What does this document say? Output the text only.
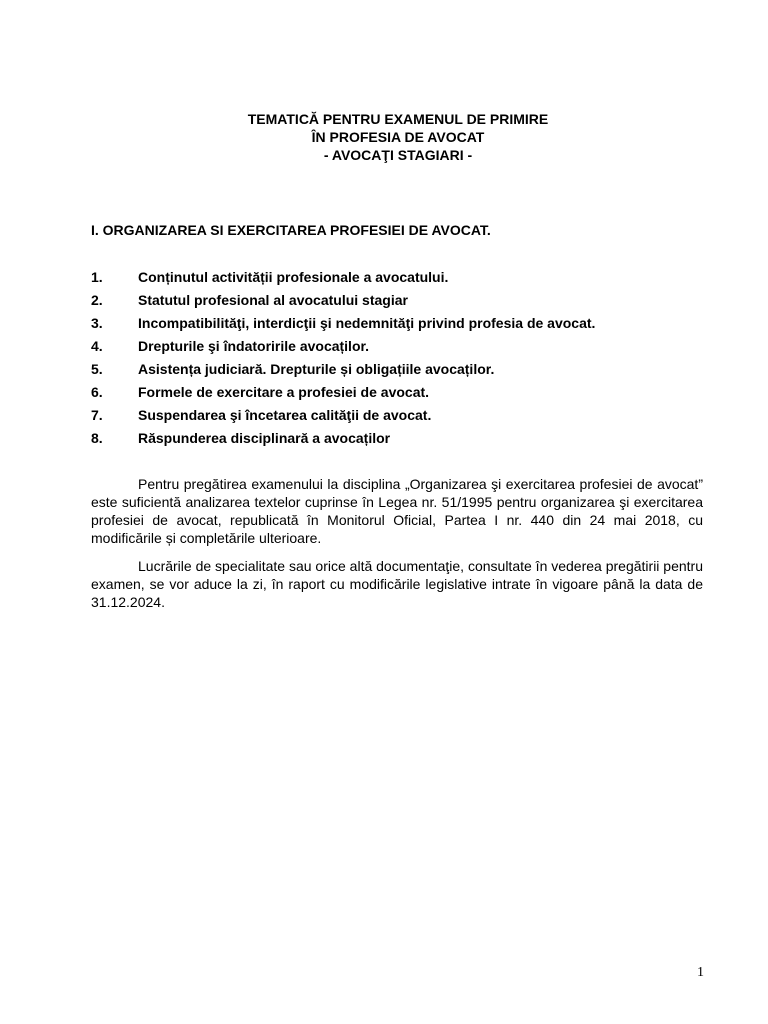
TEMATICĂ PENTRU EXAMENUL DE PRIMIRE
ÎN PROFESIA DE AVOCAT
- AVOCAŢI STAGIARI -
I. ORGANIZAREA SI EXERCITAREA PROFESIEI DE AVOCAT.
1.	Conținutul activității profesionale a avocatului.
2.	Statutul profesional al avocatului stagiar
3.	Incompatibilităţi, interdicţii şi nedemnităţi privind profesia de avocat.
4.	Drepturile şi îndatoririle avocaților.
5.	Asistența judiciară. Drepturile și obligațiile avocaților.
6.	Formele de exercitare a profesiei de avocat.
7.	Suspendarea şi încetarea calităţii de avocat.
8.	Răspunderea disciplinară a avocaților

Pentru pregătirea examenului la disciplina „Organizarea şi exercitarea profesiei de avocat” este suficientă analizarea textelor cuprinse în Legea nr. 51/1995 pentru organizarea şi exercitarea profesiei de avocat, republicată în Monitorul Oficial, Partea I nr. 440 din 24 mai 2018, cu modificările și completările ulterioare.

Lucrările de specialitate sau orice altă documentaţie, consultate în vederea pregătirii pentru examen, se vor aduce la zi, în raport cu modificările legislative intrate în vigoare până la data de 31.12.2024.

1
